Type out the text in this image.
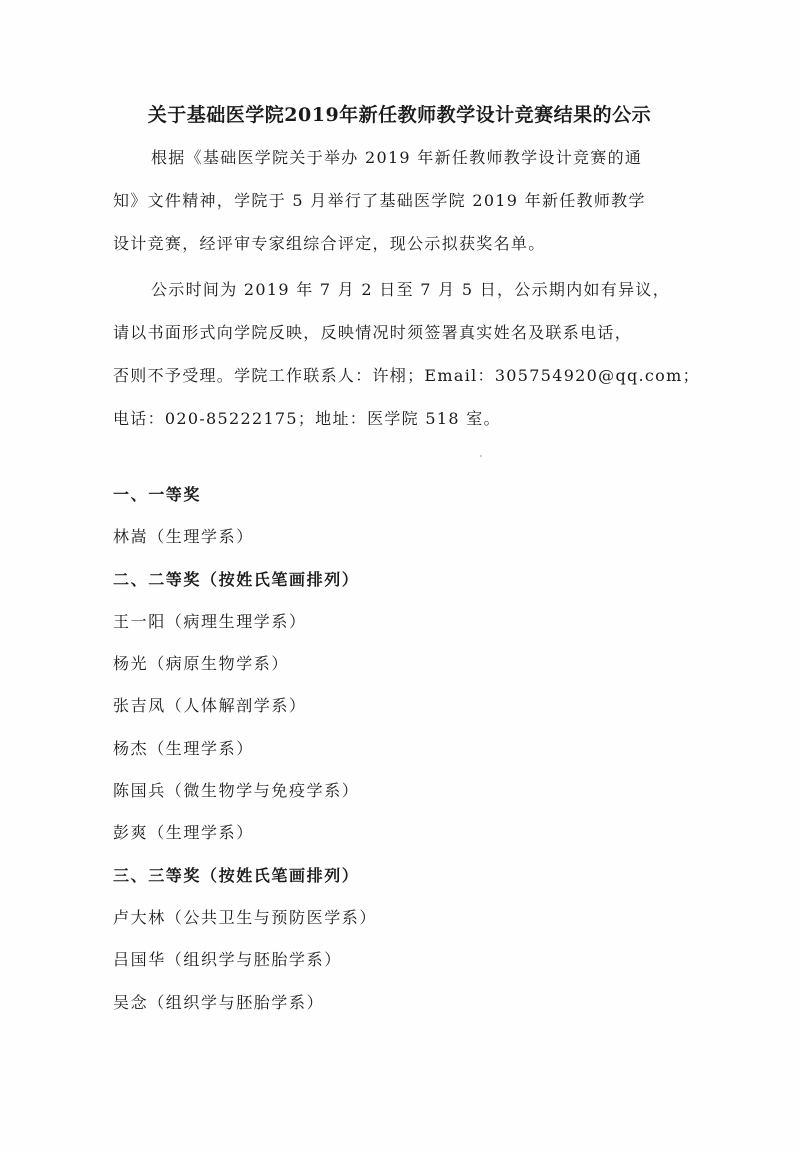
关于基础医学院2019年新任教师教学设计竞赛结果的公示
根据《基础医学院关于举办 2019 年新任教师教学设计竞赛的通
知》文件精神，学院于 5 月举行了基础医学院 2019 年新任教师教学
设计竞赛，经评审专家组综合评定，现公示拟获奖名单。
公示时间为 2019 年 7 月 2 日至 7 月 5 日，公示期内如有异议，
请以书面形式向学院反映，反映情况时须签署真实姓名及联系电话，
否则不予受理。学院工作联系人：许栩；Email：305754920@qq.com；
电话：020-85222175；地址：医学院 518 室。
一、一等奖
林嵩（生理学系）
二、二等奖（按姓氏笔画排列）
王一阳（病理生理学系）
杨光（病原生物学系）
张吉凤（人体解剖学系）
杨杰（生理学系）
陈国兵（微生物学与免疫学系）
彭爽（生理学系）
三、三等奖（按姓氏笔画排列）
卢大林（公共卫生与预防医学系）
吕国华（组织学与胚胎学系）
吴念（组织学与胚胎学系）
